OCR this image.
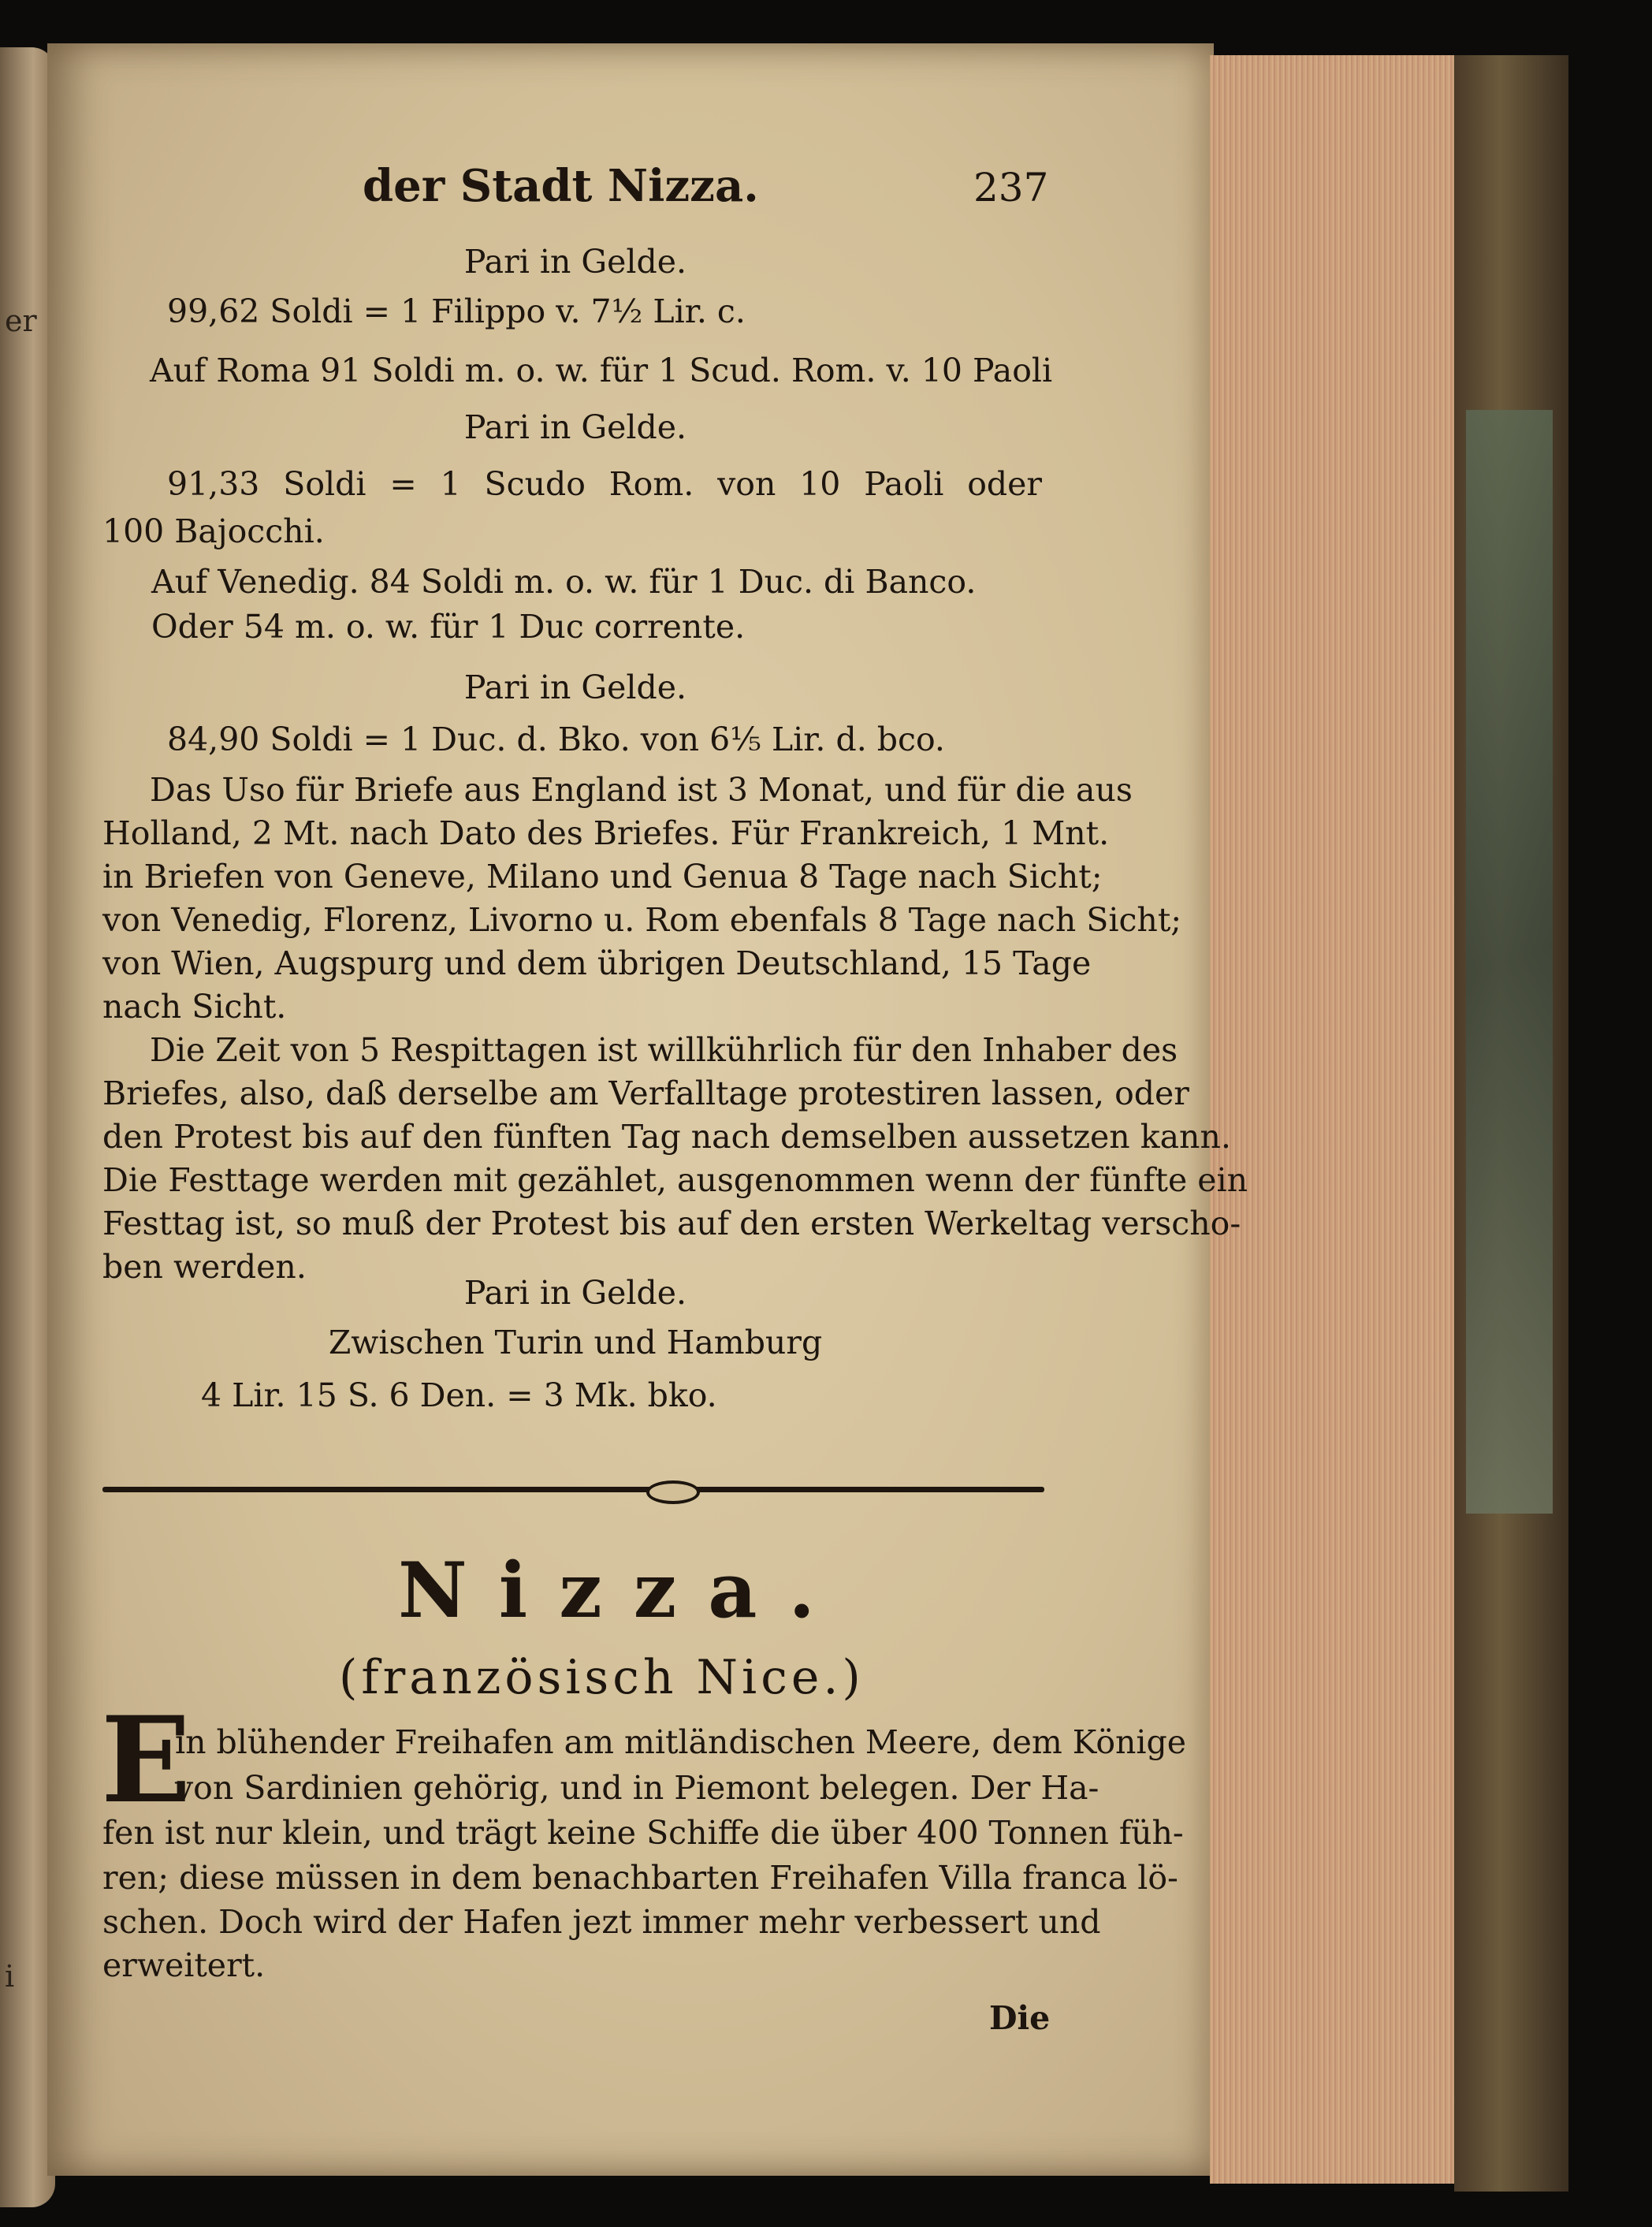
er
i
der Stadt Nizza.	237
Pari in Gelde.
99,62 Soldi = 1 Filippo v. 7½ Lir. c.
Auf Roma 91 Soldi m. o. w. für 1 Scud. Rom. v. 10 Paoli
Pari in Gelde.
91,33 Soldi = 1 Scudo Rom. von 10 Paoli oder
100 Bajocchi.
Auf Venedig. 84 Soldi m. o. w. für 1 Duc. di Banco.
Oder 54 m. o. w. für 1 Duc corrente.
Pari in Gelde.
84,90 Soldi = 1 Duc. d. Bko. von 6⅕ Lir. d. bco.
Das Uso für Briefe aus England ist 3 Monat, und für die aus
Holland, 2 Mt. nach Dato des Briefes. Für Frankreich, 1 Mnt.
in Briefen von Geneve, Milano und Genua 8 Tage nach Sicht;
von Venedig, Florenz, Livorno u. Rom ebenfals 8 Tage nach Sicht;
von Wien, Augspurg und dem übrigen Deutschland, 15 Tage
nach Sicht.
Die Zeit von 5 Respittagen ist willkührlich für den Inhaber des
Briefes, also, daß derselbe am Verfalltage protestiren lassen, oder
den Protest bis auf den fünften Tag nach demselben aussetzen kann.
Die Festtage werden mit gezählet, ausgenommen wenn der fünfte ein
Festtag ist, so muß der Protest bis auf den ersten Werkeltag verscho-
ben werden.
Pari in Gelde.
Zwischen Turin und Hamburg
4 Lir. 15 S. 6 Den. = 3 Mk. bko.
Nizza.
(französisch Nice.)
E
in blühender Freihafen am mitländischen Meere, dem Könige
von Sardinien gehörig, und in Piemont belegen. Der Ha-
fen ist nur klein, und trägt keine Schiffe die über 400 Tonnen füh-
ren; diese müssen in dem benachbarten Freihafen Villa franca lö-
schen. Doch wird der Hafen jezt immer mehr verbessert und
erweitert.
Die
